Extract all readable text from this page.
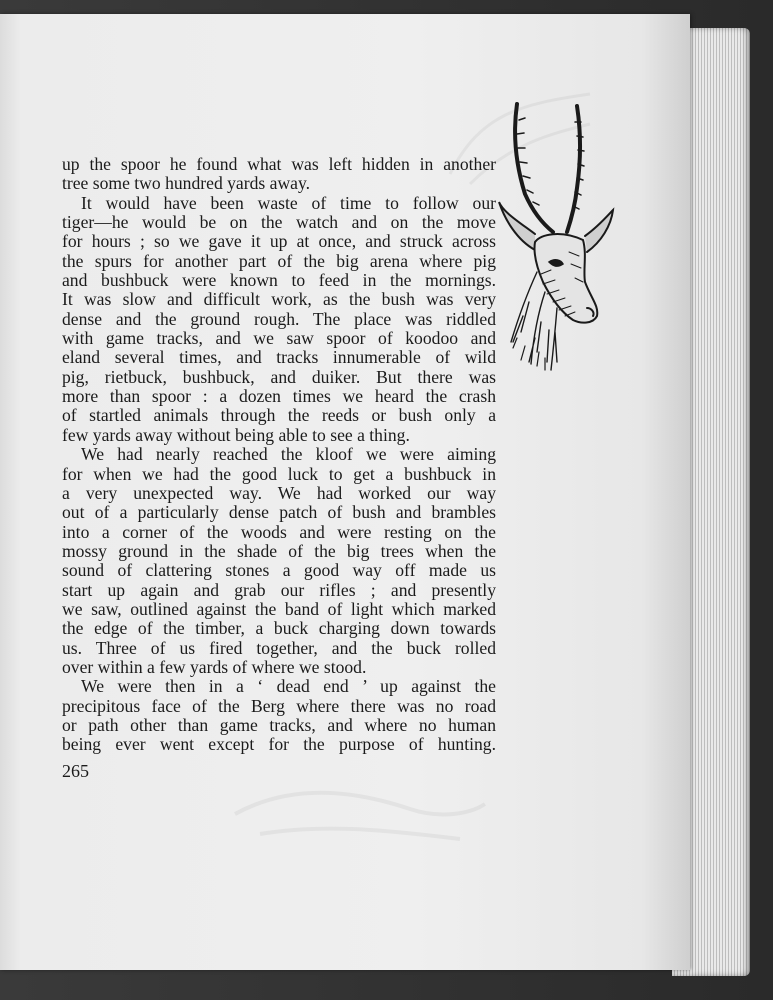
up the spoor he found what was left hidden in another
tree some two hundred yards away.
It would have been waste of time to follow our
tiger—he would be on the watch and on the move
for hours ; so we gave it up at once, and struck across
the spurs for another part of the big arena where pig
and bushbuck were known to feed in the mornings.
It was slow and difficult work, as the bush was very
dense and the ground rough. The place was riddled
with game tracks, and we saw spoor of koodoo and
eland several times, and tracks innumerable of wild
pig, rietbuck, bushbuck, and duiker. But there was
more than spoor : a dozen times we heard the crash
of startled animals through the reeds or bush only a
few yards away without being able to see a thing.
We had nearly reached the kloof we were aiming
for when we had the good luck to get a bushbuck in
a very unexpected way. We had worked our way
out of a particularly dense patch of bush and brambles
into a corner of the woods and were resting on the
mossy ground in the shade of the big trees when the
sound of clattering stones a good way off made us
start up again and grab our rifles ; and presently
we saw, outlined against the band of light which marked
the edge of the timber, a buck charging down towards
us. Three of us fired together, and the buck rolled
over within a few yards of where we stood.
We were then in a ‘ dead end ’ up against the
precipitous face of the Berg where there was no road
or path other than game tracks, and where no human
being ever went except for the purpose of hunting.
265
